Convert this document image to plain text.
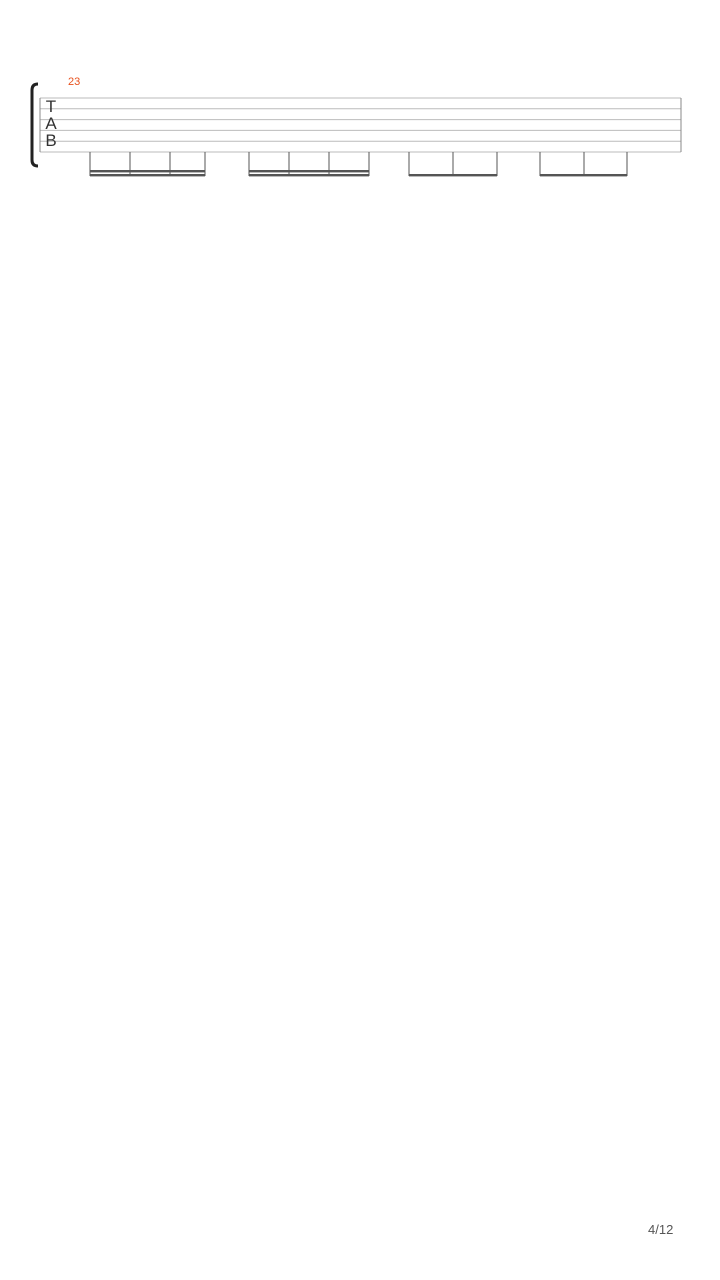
T
A
B
23
4/12
